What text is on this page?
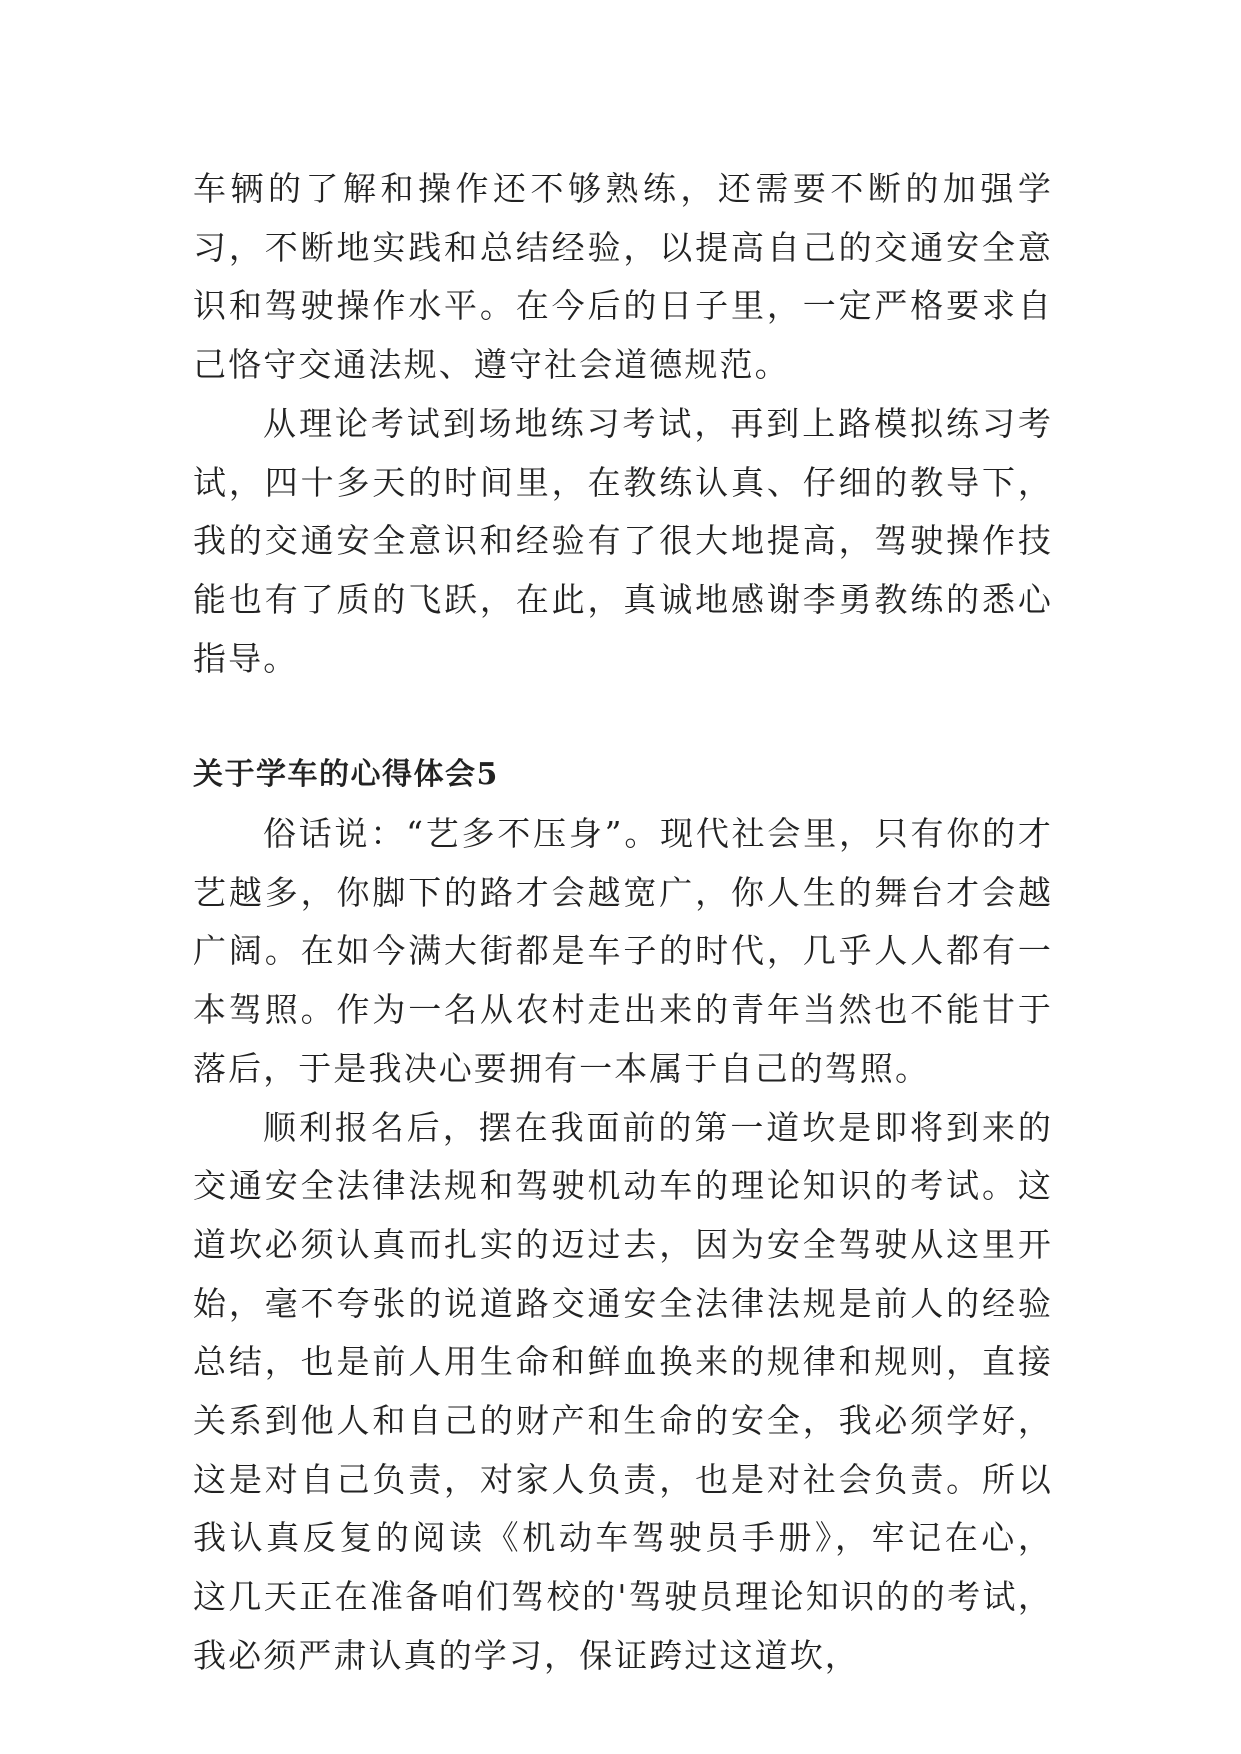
车辆的了解和操作还不够熟练，还需要不断的加强学习，不断地实践和总结经验，以提高自己的交通安全意识和驾驶操作水平。在今后的日子里，一定严格要求自己恪守交通法规、遵守社会道德规范。

从理论考试到场地练习考试，再到上路模拟练习考试，四十多天的时间里，在教练认真、仔细的教导下，我的交通安全意识和经验有了很大地提高，驾驶操作技能也有了质的飞跃，在此，真诚地感谢李勇教练的悉心指导。

关于学车的心得体会5

俗话说：“艺多不压身”。现代社会里，只有你的才艺越多，你脚下的路才会越宽广，你人生的舞台才会越广阔。在如今满大街都是车子的时代，几乎人人都有一本驾照。作为一名从农村走出来的青年当然也不能甘于落后，于是我决心要拥有一本属于自己的驾照。

顺利报名后，摆在我面前的第一道坎是即将到来的交通安全法律法规和驾驶机动车的理论知识的考试。这道坎必须认真而扎实的迈过去，因为安全驾驶从这里开始，毫不夸张的说道路交通安全法律法规是前人的经验总结，也是前人用生命和鲜血换来的规律和规则，直接关系到他人和自己的财产和生命的安全，我必须学好，这是对自己负责，对家人负责，也是对社会负责。所以我认真反复的阅读《机动车驾驶员手册》，牢记在心，这几天正在准备咱们驾校的'驾驶员理论知识的的考试，我必须严肃认真的学习，保证跨过这道坎，
